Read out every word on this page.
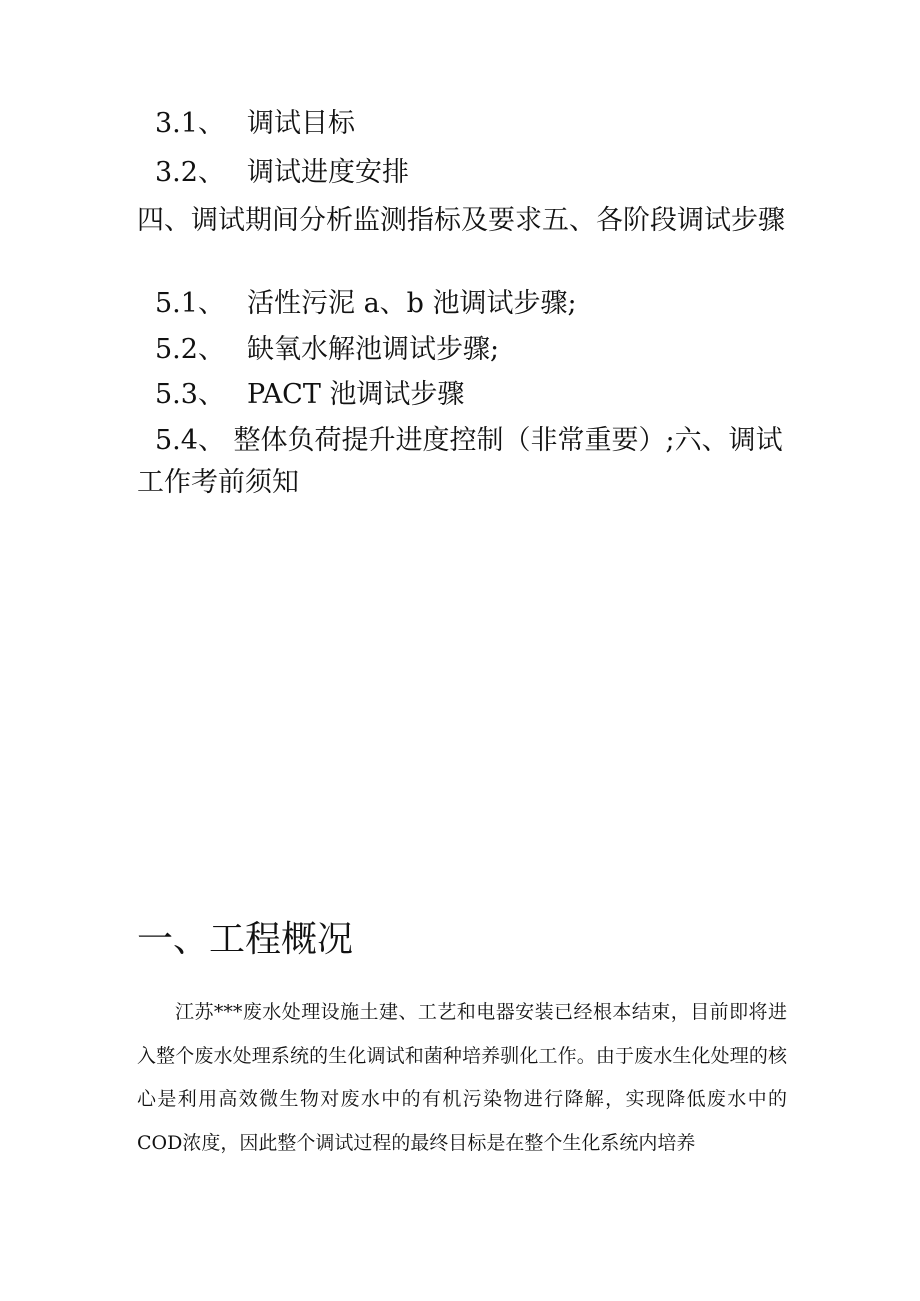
3.1、 调试目标
3.2、 调试进度安排
四、调试期间分析监测指标及要求五、各阶段调试步骤
5.1、 活性污泥 a、b 池调试步骤;
5.2、 缺氧水解池调试步骤;
5.3、 PACT 池调试步骤
5.4、 整体负荷提升进度控制（非常重要）;六、调试工作考前须知
一、工程概况
江苏***废水处理设施土建、工艺和电器安装已经根本结束，目前即将进入整个废水处理系统的生化调试和菌种培养驯化工作。由于废水生化处理的核心是利用高效微生物对废水中的有机污染物进行降解，实现降低废水中的COD浓度，因此整个调试过程的最终目标是在整个生化系统内培养
